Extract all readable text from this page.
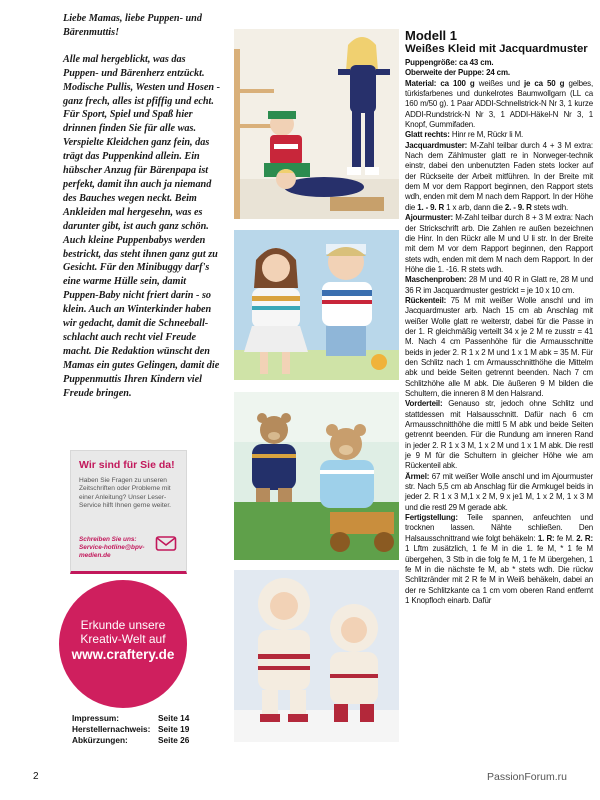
Liebe Mamas, liebe Puppen- und Bärenmuttis!

Alle mal hergeblickt, was das Puppen- und Bärenherz entzückt. Modische Pullis, Westen und Hosen - ganz frech, alles ist pfiffig und echt. Für Sport, Spiel und Spaß hier drinnen finden Sie für alle was. Verspielte Kleidchen ganz fein, das trägt das Puppenkind allein. Ein hübscher Anzug für Bärenpapa ist perfekt, damit ihn auch ja niemand des Bauches wegen neckt. Beim Ankleiden mal hergesehn, was es darunter gibt, ist auch ganz schön. Auch kleine Puppenbabys werden bestrickt, das steht ihnen ganz gut zu Gesicht. Für den Minibuggy darf's eine warme Hülle sein, damit Puppen-Baby nicht friert darin - so klein. Auch an Winterkinder haben wir gedacht, damit die Schneeball-schlacht auch recht viel Freude macht. Die Redaktion wünscht den Mamas ein gutes Gelingen, damit die Puppenmuttis Ihren Kindern viel Freude bringen.

Wir sind für Sie da!
Haben Sie Fragen zu unseren Zeitschriften oder Probleme mit einer Anleitung? Unser Leser-Service hilft Ihnen gerne weiter.
Schreiben Sie uns: Service-hotline@bpv-medien.de
Erkunde unsere
Kreativ-Welt auf
www.craftery.de
Impressum:	Seite 14
Herstellernachweis: Seite 19
Abkürzungen:	Seite 26
Modell 1
Weißes Kleid mit Jacquardmuster
Puppengröße: ca 43 cm.
Oberweite der Puppe: 24 cm.
Material: ca 100 g weißes und je ca 50 g gelbes, türkisfarbenes und dunkelrotes Baumwollgarn (LL ca 160 m/50 g). 1 Paar ADDI-Schnellstrick-N Nr 3, 1 kurze ADDI-Rundstrick-N Nr 3, 1 ADDI-Häkel-N Nr 3, 1 Knopf, Gummifaden.
Glatt rechts: Hinr re M, Rückr li M.
Jacquardmuster: M-Zahl teilbar durch 4 + 3 M extra: Nach dem Zählmuster glatt re in Norweger-technik einstr, dabei den unbenutzten Faden stets locker auf der Rückseite der Arbeit mitführen. In der Breite mit dem M vor dem Rapport beginnen, den Rapport stets wdh, enden mit dem M nach dem Rapport. In der Höhe die 1. - 9. R 1 x arb, dann die 2. - 9. R stets wdh.
Ajourmuster: M-Zahl teilbar durch 8 + 3 M extra: Nach der Strickschrift arb. Die Zahlen re außen bezeichnen die Hinr. In den Rückr alle M und U li str. In der Breite mit dem M vor dem Rapport beginnen, den Rapport stets wdh, enden mit dem M nach dem Rapport. In der Höhe die 1. -16. R stets wdh.
Maschenproben: 28 M und 40 R in Glatt re, 28 M und 36 R im Jacquardmuster gestrickt = je 10 x 10 cm.
Rückenteil: 75 M mit weißer Wolle anschl und im Jacquardmuster arb. Nach 15 cm ab Anschlag mit weißer Wolle glatt re weiterstr, dabei für die Passe in der 1. R gleichmäßig verteilt 34 x je 2 M re zusstr = 41 M. Nach 4 cm Passenhöhe für die Armausschnitte beids in jeder 2. R 1 x 2 M und 1 x 1 M abk = 35 M. Für den Schlitz nach 1 cm Armausschnitthöhe die Mittelm abk und beide Seiten getrennt beenden. Nach 7 cm Schlitzhöhe alle M abk. Die äußeren 9 M bilden die Schultern, die inneren 8 M den Halsrand.
Vorderteil: Genauso str, jedoch ohne Schlitz und stattdessen mit Halsausschnitt. Dafür nach 6 cm Armausschnitthöhe die mittl 5 M abk und beide Seiten getrennt beenden. Für die Rundung am inneren Rand in jeder 2. R 1 x 3 M, 1 x 2 M und 1 x 1 M abk. Die restl je 9 M für die Schultern in gleicher Höhe wie am Rückenteil abk.
Ärmel: 67 mit weißer Wolle anschl und im Ajourmuster str. Nach 5,5 cm ab Anschlag für die Armkugel beids in jeder 2. R 1 x 3 M,1 x 2 M, 9 x je1 M, 1 x 2 M, 1 x 3 M und die restl 29 M gerade abk.
Fertigstellung: Teile spannen, anfeuchten und trocknen lassen. Nähte schließen. Den Halsausschnittrand wie folgt behäkeln: 1. R: fe M. 2. R: 1 Lftm zusätzlich, 1 fe M in die 1. fe M, * 1 fe M übergehen, 3 Stb in die folg fe M, 1 fe M übergehen, 1 fe M in die nächste fe M, ab * stets wdh. Die rückw Schlitzränder mit 2 R fe M in Weiß behäkeln, dabei an der re Schlitzkante ca 1 cm vom oberen Rand entfernt 1 Knopfloch einarb. Dafür
2	PassionForum.ru
